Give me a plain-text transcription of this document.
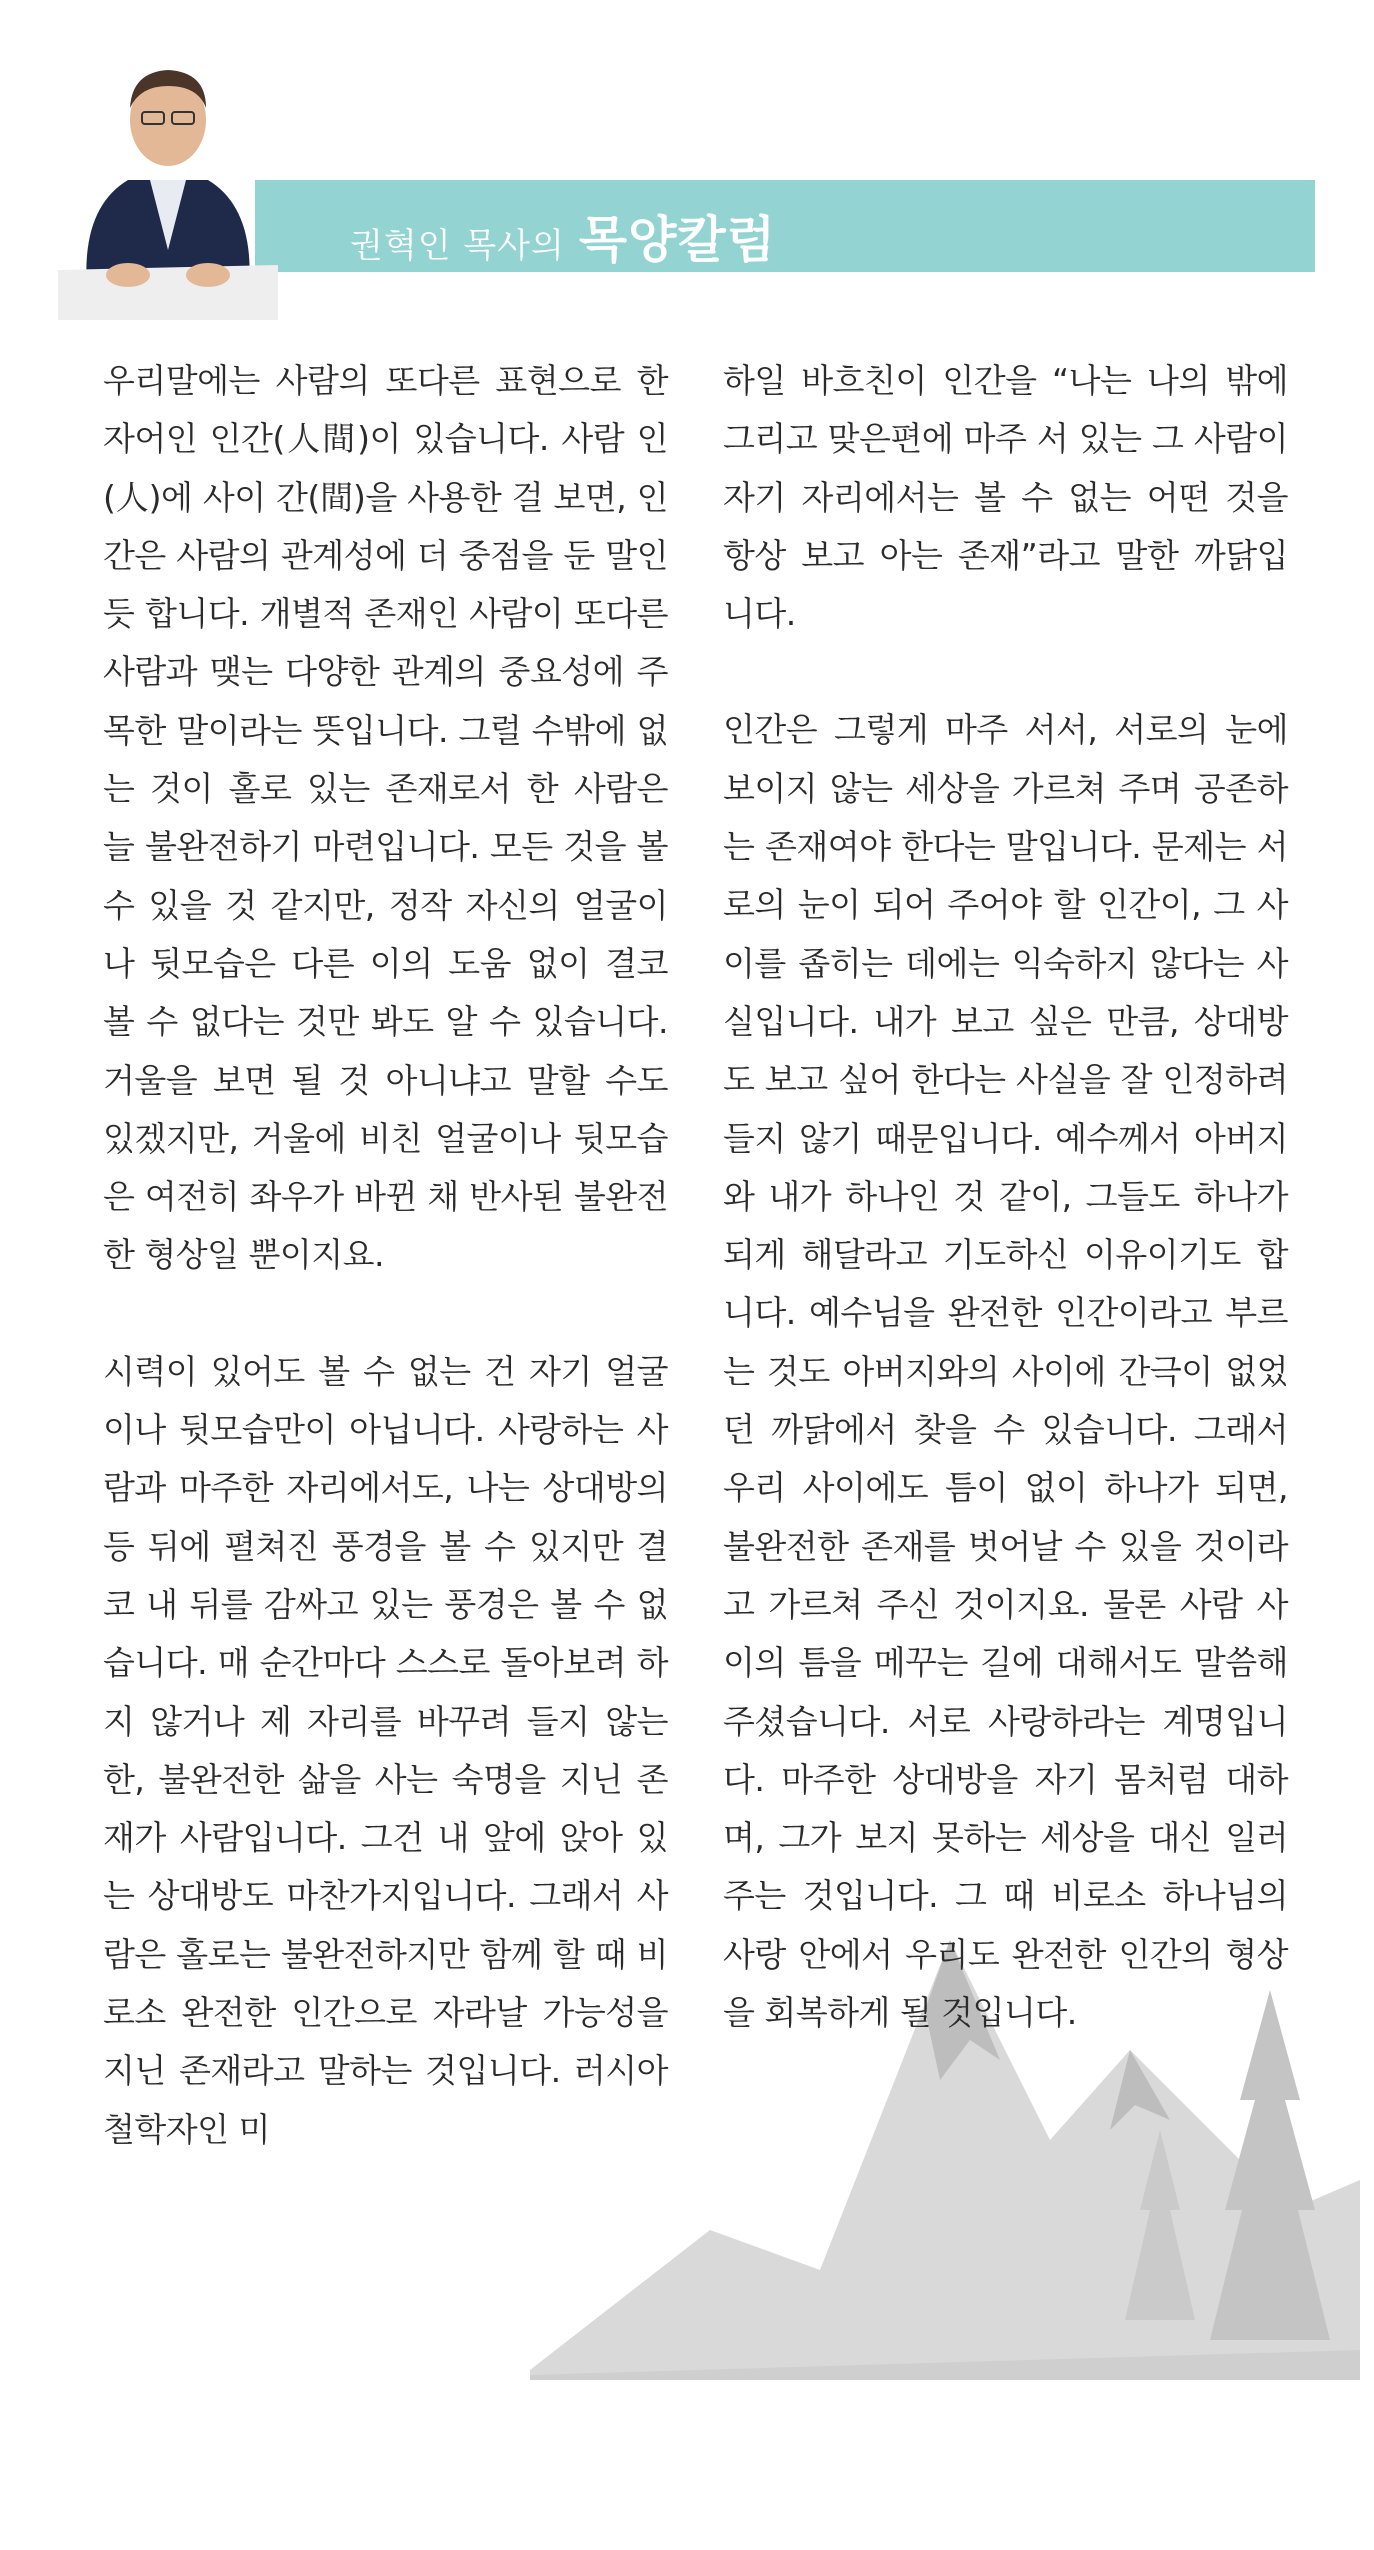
권혁인 목사의 목양칼럼

우리말에는 사람의 또다른 표현으로 한자어인 인간(人間)이 있습니다. 사람 인(人)에 사이 간(間)을 사용한 걸 보면, 인간은 사람의 관계성에 더 중점을 둔 말인 듯 합니다. 개별적 존재인 사람이 또다른 사람과 맺는 다양한 관계의 중요성에 주목한 말이라는 뜻입니다. 그럴 수밖에 없는 것이 홀로 있는 존재로서 한 사람은 늘 불완전하기 마련입니다. 모든 것을 볼 수 있을 것 같지만, 정작 자신의 얼굴이나 뒷모습은 다른 이의 도움 없이 결코 볼 수 없다는 것만 봐도 알 수 있습니다. 거울을 보면 될 것 아니냐고 말할 수도 있겠지만, 거울에 비친 얼굴이나 뒷모습은 여전히 좌우가 바뀐 채 반사된 불완전한 형상일 뿐이지요.

시력이 있어도 볼 수 없는 건 자기 얼굴이나 뒷모습만이 아닙니다. 사랑하는 사람과 마주한 자리에서도, 나는 상대방의 등 뒤에 펼쳐진 풍경을 볼 수 있지만 결코 내 뒤를 감싸고 있는 풍경은 볼 수 없습니다. 매 순간마다 스스로 돌아보려 하지 않거나 제 자리를 바꾸려 들지 않는 한, 불완전한 삶을 사는 숙명을 지닌 존재가 사람입니다. 그건 내 앞에 앉아 있는 상대방도 마찬가지입니다. 그래서 사람은 홀로는 불완전하지만 함께 할 때 비로소 완전한 인간으로 자라날 가능성을 지닌 존재라고 말하는 것입니다. 러시아 철학자인 미

하일 바흐친이 인간을 “나는 나의 밖에 그리고 맞은편에 마주 서 있는 그 사람이 자기 자리에서는 볼 수 없는 어떤 것을 항상 보고 아는 존재”라고 말한 까닭입니다.

인간은 그렇게 마주 서서, 서로의 눈에 보이지 않는 세상을 가르쳐 주며 공존하는 존재여야 한다는 말입니다. 문제는 서로의 눈이 되어 주어야 할 인간이, 그 사이를 좁히는 데에는 익숙하지 않다는 사실입니다. 내가 보고 싶은 만큼, 상대방도 보고 싶어 한다는 사실을 잘 인정하려 들지 않기 때문입니다. 예수께서 아버지와 내가 하나인 것 같이, 그들도 하나가 되게 해달라고 기도하신 이유이기도 합니다. 예수님을 완전한 인간이라고 부르는 것도 아버지와의 사이에 간극이 없었던 까닭에서 찾을 수 있습니다. 그래서 우리 사이에도 틈이 없이 하나가 되면, 불완전한 존재를 벗어날 수 있을 것이라고 가르쳐 주신 것이지요. 물론 사람 사이의 틈을 메꾸는 길에 대해서도 말씀해 주셨습니다. 서로 사랑하라는 계명입니다. 마주한 상대방을 자기 몸처럼 대하며, 그가 보지 못하는 세상을 대신 일러주는 것입니다. 그 때 비로소 하나님의 사랑 안에서 우리도 완전한 인간의 형상을 회복하게 될 것입니다.
